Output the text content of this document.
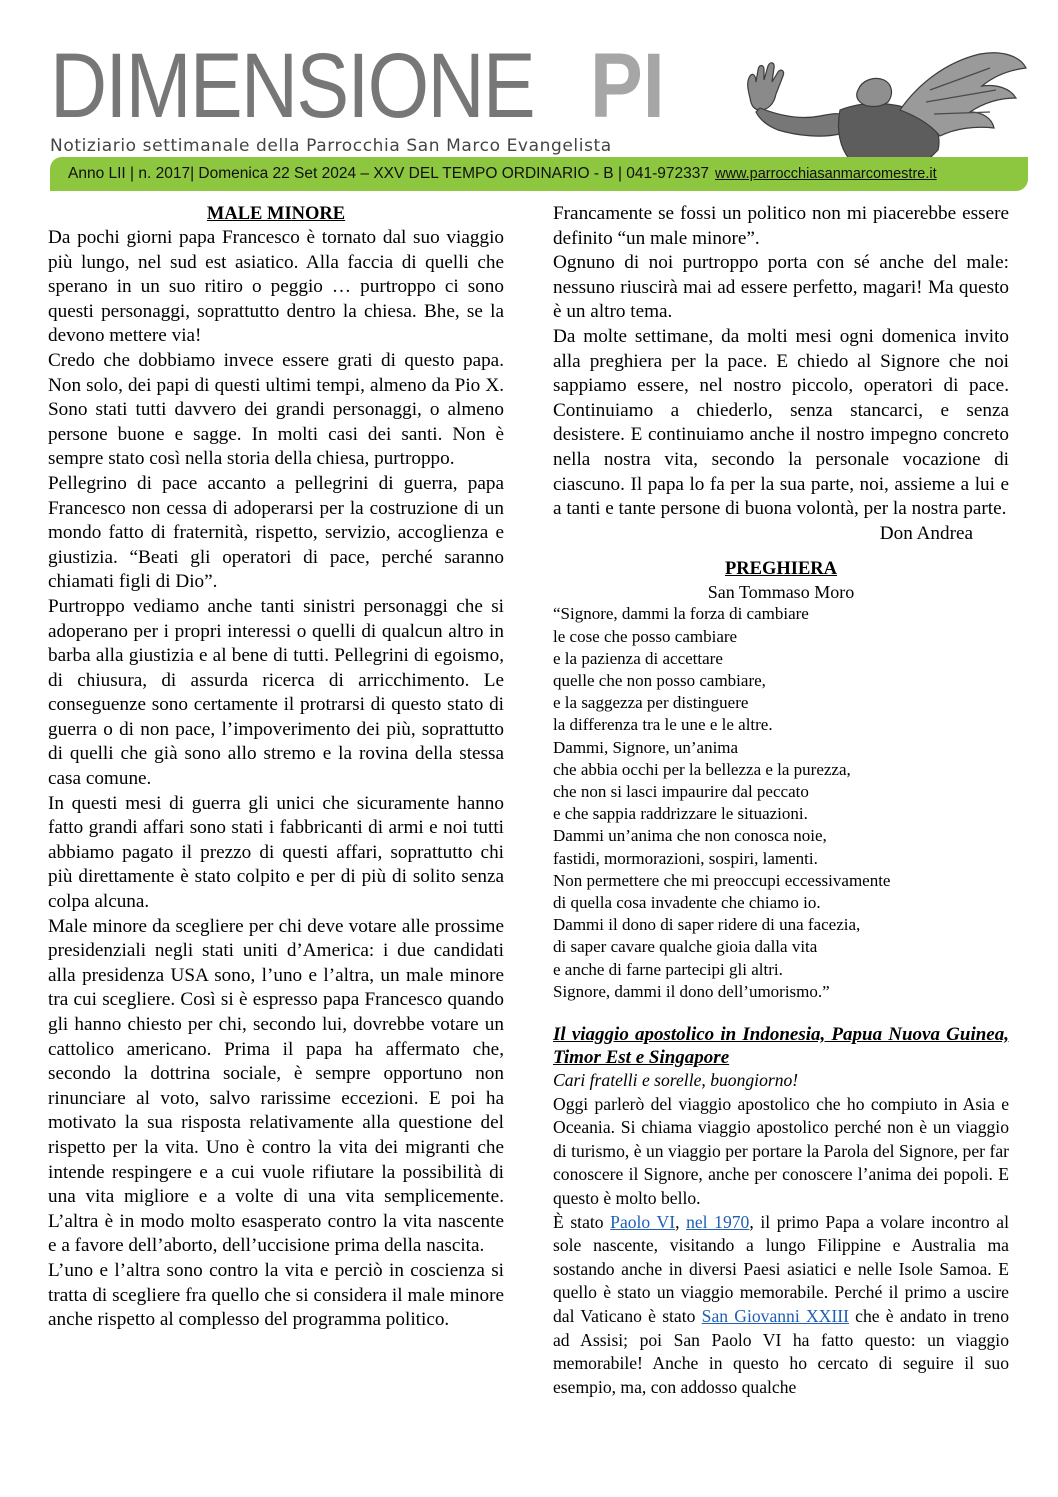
DIMENSIONE PI
Notiziario settimanale della Parrocchia San Marco Evangelista
Anno LII | n. 2017| Domenica 22 Set 2024 – XXV DEL TEMPO ORDINARIO - B | 041-972337 www.parrocchiasanmarcomestre.it
MALE MINORE

Da pochi giorni papa Francesco è tornato dal suo viaggio più lungo, nel sud est asiatico. Alla faccia di quelli che sperano in un suo ritiro o peggio … purtroppo ci sono questi personaggi, soprattutto dentro la chiesa. Bhe, se la devono mettere via!

Credo che dobbiamo invece essere grati di questo papa. Non solo, dei papi di questi ultimi tempi, almeno da Pio X. Sono stati tutti davvero dei grandi personaggi, o almeno persone buone e sagge. In molti casi dei santi. Non è sempre stato così nella storia della chiesa, purtroppo.

Pellegrino di pace accanto a pellegrini di guerra, papa Francesco non cessa di adoperarsi per la costruzione di un mondo fatto di fraternità, rispetto, servizio, accoglienza e giustizia. “Beati gli operatori di pace, perché saranno chiamati figli di Dio”.

Purtroppo vediamo anche tanti sinistri personaggi che si adoperano per i propri interessi o quelli di qualcun altro in barba alla giustizia e al bene di tutti. Pellegrini di egoismo, di chiusura, di assurda ricerca di arricchimento. Le conseguenze sono certamente il protrarsi di questo stato di guerra o di non pace, l’impoverimento dei più, soprattutto di quelli che già sono allo stremo e la rovina della stessa casa comune.

In questi mesi di guerra gli unici che sicuramente hanno fatto grandi affari sono stati i fabbricanti di armi e noi tutti abbiamo pagato il prezzo di questi affari, soprattutto chi più direttamente è stato colpito e per di più di solito senza colpa alcuna.

Male minore da scegliere per chi deve votare alle prossime presidenziali negli stati uniti d’America: i due candidati alla presidenza USA sono, l’uno e l’altra, un male minore tra cui scegliere. Così si è espresso papa Francesco quando gli hanno chiesto per chi, secondo lui, dovrebbe votare un cattolico americano. Prima il papa ha affermato che, secondo la dottrina sociale, è sempre opportuno non rinunciare al voto, salvo rarissime eccezioni. E poi ha motivato la sua risposta relativamente alla questione del rispetto per la vita. Uno è contro la vita dei migranti che intende respingere e a cui vuole rifiutare la possibilità di una vita migliore e a volte di una vita semplicemente. L’altra è in modo molto esasperato contro la vita nascente e a favore dell’aborto, dell’uccisione prima della nascita.

L’uno e l’altra sono contro la vita e perciò in coscienza si tratta di scegliere fra quello che si considera il male minore anche rispetto al complesso del programma politico.

Francamente se fossi un politico non mi piacerebbe essere definito “un male minore”.

Ognuno di noi purtroppo porta con sé anche del male: nessuno riuscirà mai ad essere perfetto, magari! Ma questo è un altro tema.

Da molte settimane, da molti mesi ogni domenica invito alla preghiera per la pace. E chiedo al Signore che noi sappiamo essere, nel nostro piccolo, operatori di pace. Continuiamo a chiederlo, senza stancarci, e senza desistere. E continuiamo anche il nostro impegno concreto nella nostra vita, secondo la personale vocazione di ciascuno. Il papa lo fa per la sua parte, noi, assieme a lui e a tanti e tante persone di buona volontà, per la nostra parte.

Don Andrea

PREGHIERA

San Tommaso Moro

“Signore, dammi la forza di cambiare
le cose che posso cambiare
e la pazienza di accettare
quelle che non posso cambiare,
e la saggezza per distinguere
la differenza tra le une e le altre.
Dammi, Signore, un’anima
che abbia occhi per la bellezza e la purezza,
che non si lasci impaurire dal peccato
e che sappia raddrizzare le situazioni.
Dammi un’anima che non conosca noie,
fastidi, mormorazioni, sospiri, lamenti.
Non permettere che mi preoccupi eccessivamente
di quella cosa invadente che chiamo io.
Dammi il dono di saper ridere di una facezia,
di saper cavare qualche gioia dalla vita
e anche di farne partecipi gli altri.
Signore, dammi il dono dell’umorismo.”

Il viaggio apostolico in Indonesia, Papua Nuova Guinea, Timor Est e Singapore

Cari fratelli e sorelle, buongiorno!

Oggi parlerò del viaggio apostolico che ho compiuto in Asia e Oceania. Si chiama viaggio apostolico perché non è un viaggio di turismo, è un viaggio per portare la Parola del Signore, per far conoscere il Signore, anche per conoscere l’anima dei popoli. E questo è molto bello.

È stato Paolo VI, nel 1970, il primo Papa a volare incontro al sole nascente, visitando a lungo Filippine e Australia ma sostando anche in diversi Paesi asiatici e nelle Isole Samoa. E quello è stato un viaggio memorabile. Perché il primo a uscire dal Vaticano è stato San Giovanni XXIII che è andato in treno ad Assisi; poi San Paolo VI ha fatto questo: un viaggio memorabile! Anche in questo ho cercato di seguire il suo esempio, ma, con addosso qualche
